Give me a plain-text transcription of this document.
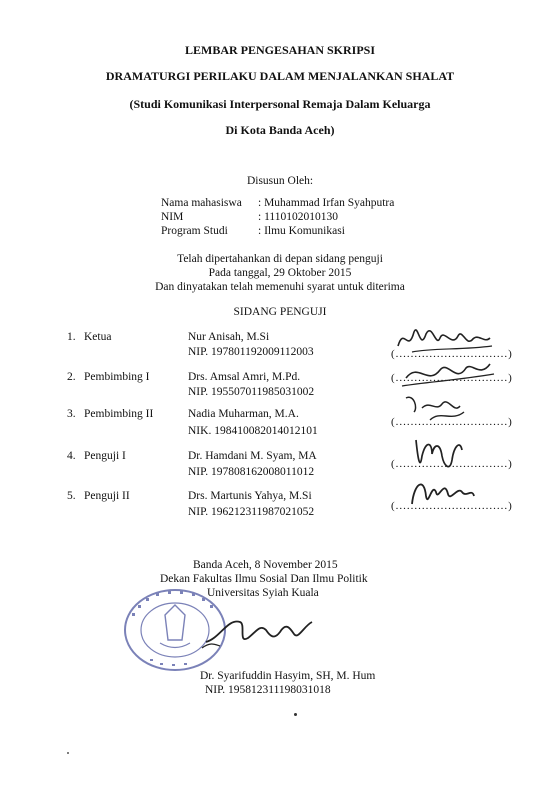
LEMBAR PENGESAHAN SKRIPSI
DRAMATURGI PERILAKU DALAM MENJALANKAN SHALAT
(Studi Komunikasi Interpersonal Remaja Dalam Keluarga
Di Kota Banda Aceh)
Disusun Oleh:
Nama mahasiswa : Muhammad Irfan Syahputra
NIM	: 1110102010130
Program Studi	: Ilmu Komunikasi
Telah dipertahankan di depan sidang penguji
Pada tanggal, 29 Oktober 2015
Dan dinyatakan telah memenuhi syarat untuk diterima
SIDANG PENGUJI
1. Ketua	Nur Anisah, M.Si
NIP. 197801192009112003	(..............................)
2. Pembimbing I	Drs. Amsal Amri, M.Pd.
NIP. 195507011985031002
(..............................)
3. Pembimbing II	Nadia Muharman, M.A.
NIK. 198410082014012101
(..............................)
4. Penguji I	Dr. Hamdani M. Syam, MA
NIP. 197808162008011012
(..............................)
5. Penguji II	Drs. Martunis Yahya, M.Si
NIP. 196212311987021052	(..............................)
Banda Aceh, 8 November 2015
Dekan Fakultas Ilmu Sosial Dan Ilmu Politik
Universitas Syiah Kuala
Dr. Syarifuddin Hasyim, SH, M. Hum
NIP. 195812311198031018
